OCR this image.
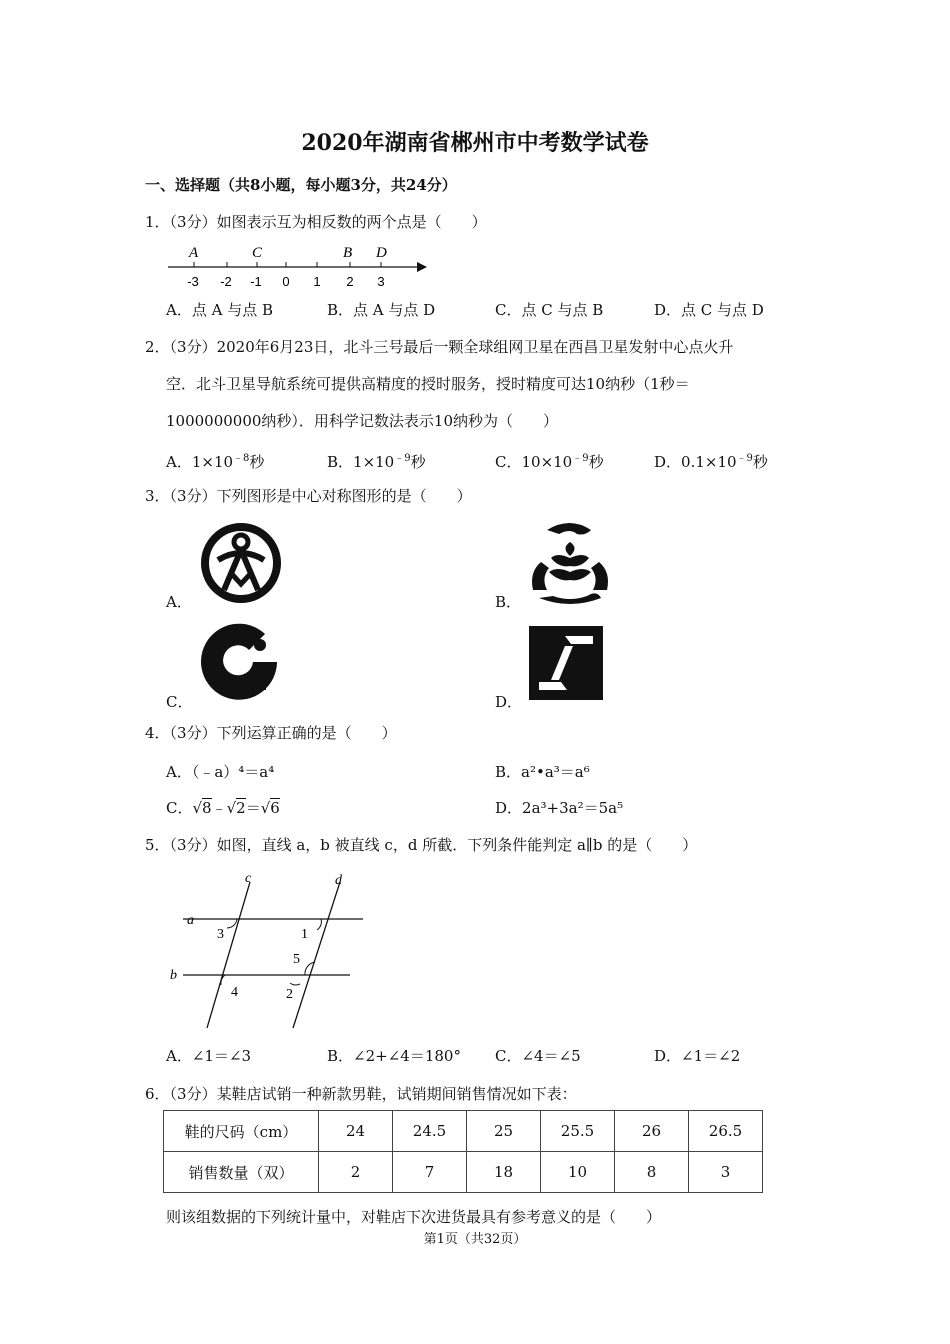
2020年湖南省郴州市中考数学试卷
一、选择题（共8小题，每小题3分，共24分）
1．（3分）如图表示互为相反数的两个点是（　　）
A	C	B D
-3 -2 -1 0 1 2 3
A．点 A 与点 B	B．点 A 与点 D	C．点 C 与点 B	D．点 C 与点 D
2．（3分）2020年6月23日，北斗三号最后一颗全球组网卫星在西昌卫星发射中心点火升
空．北斗卫星导航系统可提供高精度的授时服务，授时精度可达10纳秒（1秒＝
1000000000纳秒）．用科学记数法表示10纳秒为（　　）
A．$1\times 10^{﹣8}$秒	B．$1\times 10^{﹣9}$秒	C．$10\times 10^{﹣9}$秒	D．$0.1\times 10^{﹣9}$秒
3．（3分）下列图形是中心对称图形的是（　　）
A．	B．
C．	D．
4．（3分）下列运算正确的是（　　）
A．（﹣a）⁴＝a⁴	B．a²•a³＝a⁶
C．√8﹣√2＝√6	D．2a³+3a²＝5a⁵
5．（3分）如图，直线 a，b 被直线 c，d 所截．下列条件能判定 a∥b 的是（　　）
c	d
a
b
1
3
5
4	2
A．∠1＝∠3	B．∠2+∠4＝180° C．∠4＝∠5	D．∠1＝∠2
6．（3分）某鞋店试销一种新款男鞋，试销期间销售情况如下表：
鞋的尺码（cm）	24	24.5	25	25.5	26	26.5
销售数量（双）	2	7	18	10	8	3
则该组数据的下列统计量中，对鞋店下次进货最具有参考意义的是（　　）
第1页（共32页）
